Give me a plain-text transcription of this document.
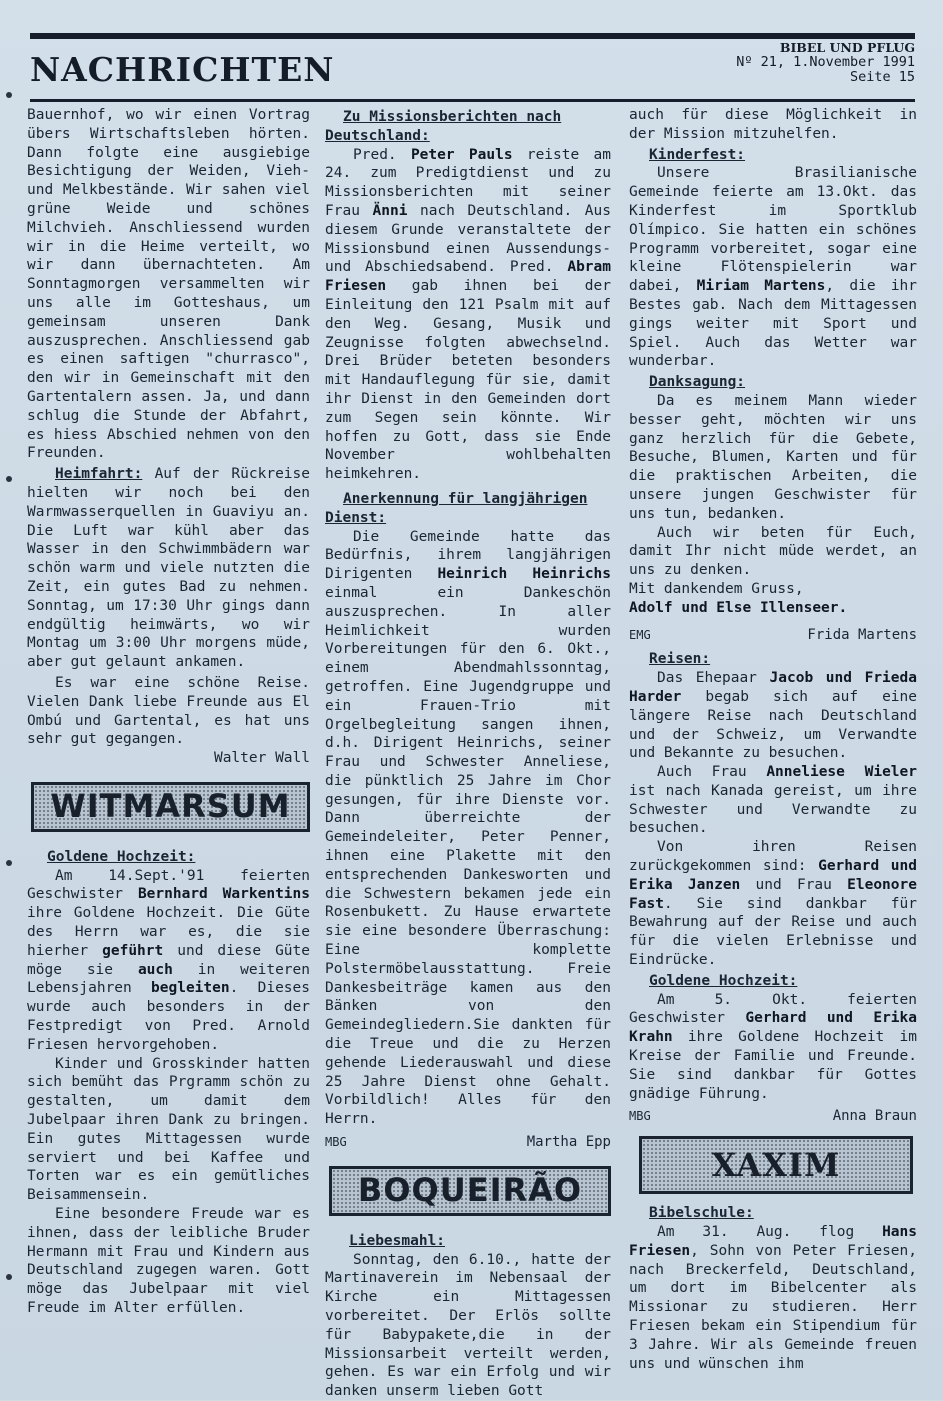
NACHRICHTEN
BIBEL UND PFLUG
Nº 21, 1.November 1991
Seite 15

Bauernhof, wo wir einen Vortrag übers Wirtschaftsleben hörten. Dann folgte eine ausgiebige Besichtigung der Weiden, Vieh- und Melkbestände. Wir sahen viel grüne Weide und schönes Milchvieh. Anschliessend wurden wir in die Heime verteilt, wo wir dann übernachteten. Am Sonntagmorgen versammelten wir uns alle im Gotteshaus, um gemeinsam unseren Dank auszusprechen. Anschliessend gab es einen saftigen "churrasco", den wir in Gemeinschaft mit den Gartentalern assen. Ja, und dann schlug die Stunde der Abfahrt, es hiess Abschied nehmen von den Freunden.

Heimfahrt: Auf der Rückreise hielten wir noch bei den Warmwasserquellen in Guaviyu an. Die Luft war kühl aber das Wasser in den Schwimmbädern war schön warm und viele nutzten die Zeit, ein gutes Bad zu nehmen. Sonntag, um 17:30 Uhr gings dann endgültig heimwärts, wo wir Montag um 3:00 Uhr morgens müde, aber gut gelaunt ankamen.

Es war eine schöne Reise. Vielen Dank liebe Freunde aus El Ombú und Gartental, es hat uns sehr gut gegangen.

Walter Wall

WITMARSUM
Goldene Hochzeit:

Am 14.Sept.'91 feierten Geschwister Bernhard Warkentins ihre Goldene Hochzeit. Die Güte des Herrn war es, die sie hierher geführt und diese Güte möge sie auch in weiteren Lebensjahren begleiten. Dieses wurde auch besonders in der Festpredigt von Pred. Arnold Friesen hervorgehoben.

Kinder und Grosskinder hatten sich bemüht das Prgramm schön zu gestalten, um damit dem Jubelpaar ihren Dank zu bringen. Ein gutes Mittagessen wurde serviert und bei Kaffee und Torten war es ein gemütliches Beisammensein.

Eine besondere Freude war es ihnen, dass der leibliche Bruder Hermann mit Frau und Kindern aus Deutschland zugegen waren. Gott möge das Jubelpaar mit viel Freude im Alter erfüllen.

Zu Missionsberichten nach Deutschland:

Pred. Peter Pauls reiste am 24. zum Predigtdienst und zu Missionsberichten mit seiner Frau Änni nach Deutschland. Aus diesem Grunde veranstaltete der Missionsbund einen Aussendungs- und Abschiedsabend. Pred. Abram Friesen gab ihnen bei der Einleitung den 121 Psalm mit auf den Weg. Gesang, Musik und Zeugnisse folgten abwechselnd. Drei Brüder beteten besonders mit Handauflegung für sie, damit ihr Dienst in den Gemeinden dort zum Segen sein könnte. Wir hoffen zu Gott, dass sie Ende November wohlbehalten heimkehren.

Anerkennung für langjährigen Dienst:

Die Gemeinde hatte das Bedürfnis, ihrem langjährigen Dirigenten Heinrich Heinrichs einmal ein Dankeschön auszusprechen. In aller Heimlichkeit wurden Vorbereitungen für den 6. Okt., einem Abendmahlssonntag, getroffen. Eine Jugendgruppe und ein Frauen-Trio mit Orgelbegleitung sangen ihnen, d.h. Dirigent Heinrichs, seiner Frau und Schwester Anneliese, die pünktlich 25 Jahre im Chor gesungen, für ihre Dienste vor. Dann überreichte der Gemeindeleiter, Peter Penner, ihnen eine Plakette mit den entsprechenden Dankesworten und die Schwestern bekamen jede ein Rosenbukett. Zu Hause erwartete sie eine besondere Überraschung: Eine komplette Polstermöbelausstattung. Freie Dankesbeiträge kamen aus den Bänken von den Gemeindegliedern.Sie dankten für die Treue und die zu Herzen gehende Liederauswahl und diese 25 Jahre Dienst ohne Gehalt. Vorbildlich! Alles für den Herrn.

MBG	Martha Epp
BOQUEIRÃO
Liebesmahl:

Sonntag, den 6.10., hatte der Martinaverein im Nebensaal der Kirche ein Mittagessen vorbereitet. Der Erlös sollte für Babypakete,die in der Missionsarbeit verteilt werden, gehen. Es war ein Erfolg und wir danken unserm lieben Gott

auch für diese Möglichkeit in der Mission mitzuhelfen.

Kinderfest:

Unsere Brasilianische Gemeinde feierte am 13.Okt. das Kinderfest im Sportklub Olímpico. Sie hatten ein schönes Programm vorbereitet, sogar eine kleine Flötenspielerin war dabei, Miriam Martens, die ihr Bestes gab. Nach dem Mittagessen gings weiter mit Sport und Spiel. Auch das Wetter war wunderbar.

Danksagung:

Da es meinem Mann wieder besser geht, möchten wir uns ganz herzlich für die Gebete, Besuche, Blumen, Karten und für die praktischen Arbeiten, die unsere jungen Geschwister für uns tun, bedanken.

Auch wir beten für Euch, damit Ihr nicht müde werdet, an uns zu denken.

Mit dankendem Gruss,

Adolf und Else Illenseer.

EMG	Frida Martens
Reisen:

Das Ehepaar Jacob und Frieda Harder begab sich auf eine längere Reise nach Deutschland und der Schweiz, um Verwandte und Bekannte zu besuchen.

Auch Frau Anneliese Wieler ist nach Kanada gereist, um ihre Schwester und Verwandte zu besuchen.

Von ihren Reisen zurückgekommen sind: Gerhard und Erika Janzen und Frau Eleonore Fast. Sie sind dankbar für Bewahrung auf der Reise und auch für die vielen Erlebnisse und Eindrücke.

Goldene Hochzeit:

Am 5. Okt. feierten Geschwister Gerhard und Erika Krahn ihre Goldene Hochzeit im Kreise der Familie und Freunde. Sie sind dankbar für Gottes gnädige Führung.

MBG	Anna Braun
XAXIM
Bibelschule:

Am 31. Aug. flog Hans Friesen, Sohn von Peter Friesen, nach Breckerfeld, Deutschland, um dort im Bibelcenter als Missionar zu studieren. Herr Friesen bekam ein Stipendium für 3 Jahre. Wir als Gemeinde freuen uns und wünschen ihm
